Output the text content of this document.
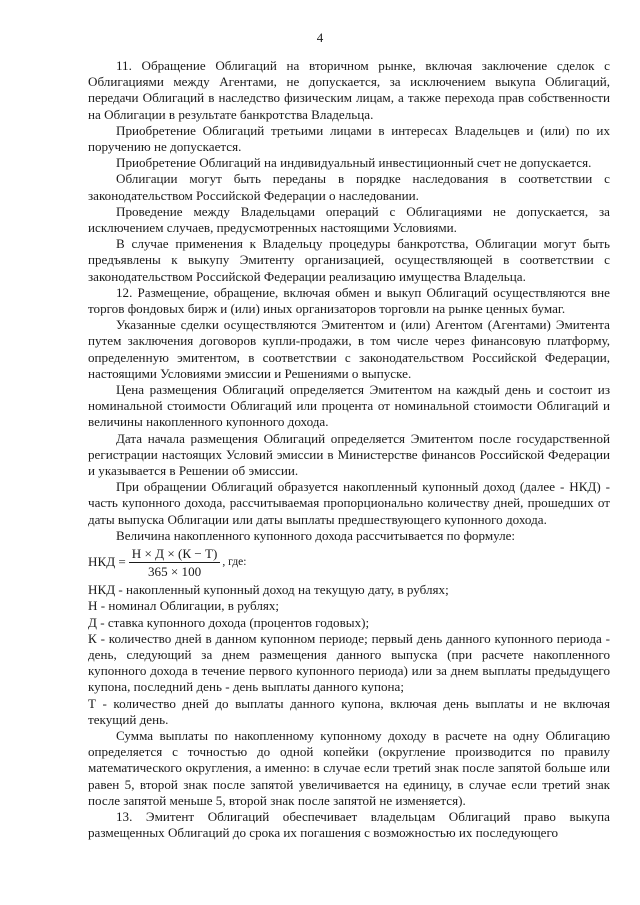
4

11. Обращение Облигаций на вторичном рынке, включая заключение сделок с Облигациями между Агентами, не допускается, за исключением выкупа Облигаций, передачи Облигаций в наследство физическим лицам, а также перехода прав собственности на Облигации в результате банкротства Владельца.

Приобретение Облигаций третьими лицами в интересах Владельцев и (или) по их поручению не допускается.

Приобретение Облигаций на индивидуальный инвестиционный счет не допускается.

Облигации могут быть переданы в порядке наследования в соответствии с законодательством Российской Федерации о наследовании.

Проведение между Владельцами операций с Облигациями не допускается, за исключением случаев, предусмотренных настоящими Условиями.

В случае применения к Владельцу процедуры банкротства, Облигации могут быть предъявлены к выкупу Эмитенту организацией, осуществляющей в соответствии с законодательством Российской Федерации реализацию имущества Владельца.

12. Размещение, обращение, включая обмен и выкуп Облигаций осуществляются вне торгов фондовых бирж и (или) иных организаторов торговли на рынке ценных бумаг.

Указанные сделки осуществляются Эмитентом и (или) Агентом (Агентами) Эмитента путем заключения договоров купли-продажи, в том числе через финансовую платформу, определенную эмитентом, в соответствии с законодательством Российской Федерации, настоящими Условиями эмиссии и Решениями о выпуске.

Цена размещения Облигаций определяется Эмитентом на каждый день и состоит из номинальной стоимости Облигаций или процента от номинальной стоимости Облигаций и величины накопленного купонного дохода.

Дата начала размещения Облигаций определяется Эмитентом после государственной регистрации настоящих Условий эмиссии в Министерстве финансов Российской Федерации и указывается в Решении об эмиссии.

При обращении Облигаций образуется накопленный купонный доход (далее - НКД) - часть купонного дохода, рассчитываемая пропорционально количеству дней, прошедших от даты выпуска Облигации или даты выплаты предшествующего купонного дохода.

Величина накопленного купонного дохода рассчитывается по формуле:

НКД = $\frac{Н \times Д \times (К - Т)}{365 \times 100}$ , где:

НКД - накопленный купонный доход на текущую дату, в рублях;

Н - номинал Облигации, в рублях;

Д - ставка купонного дохода (процентов годовых);

К - количество дней в данном купонном периоде; первый день данного купонного периода - день, следующий за днем размещения данного выпуска (при расчете накопленного купонного дохода в течение первого купонного периода) или за днем выплаты предыдущего купона, последний день - день выплаты данного купона;

Т - количество дней до выплаты данного купона, включая день выплаты и не включая текущий день.

Сумма выплаты по накопленному купонному доходу в расчете на одну Облигацию определяется с точностью до одной копейки (округление производится по правилу математического округления, а именно: в случае если третий знак после запятой больше или равен 5, второй знак после запятой увеличивается на единицу, в случае если третий знак после запятой меньше 5, второй знак после запятой не изменяется).

13. Эмитент Облигаций обеспечивает владельцам Облигаций право выкупа размещенных Облигаций до срока их погашения с возможностью их последующего
